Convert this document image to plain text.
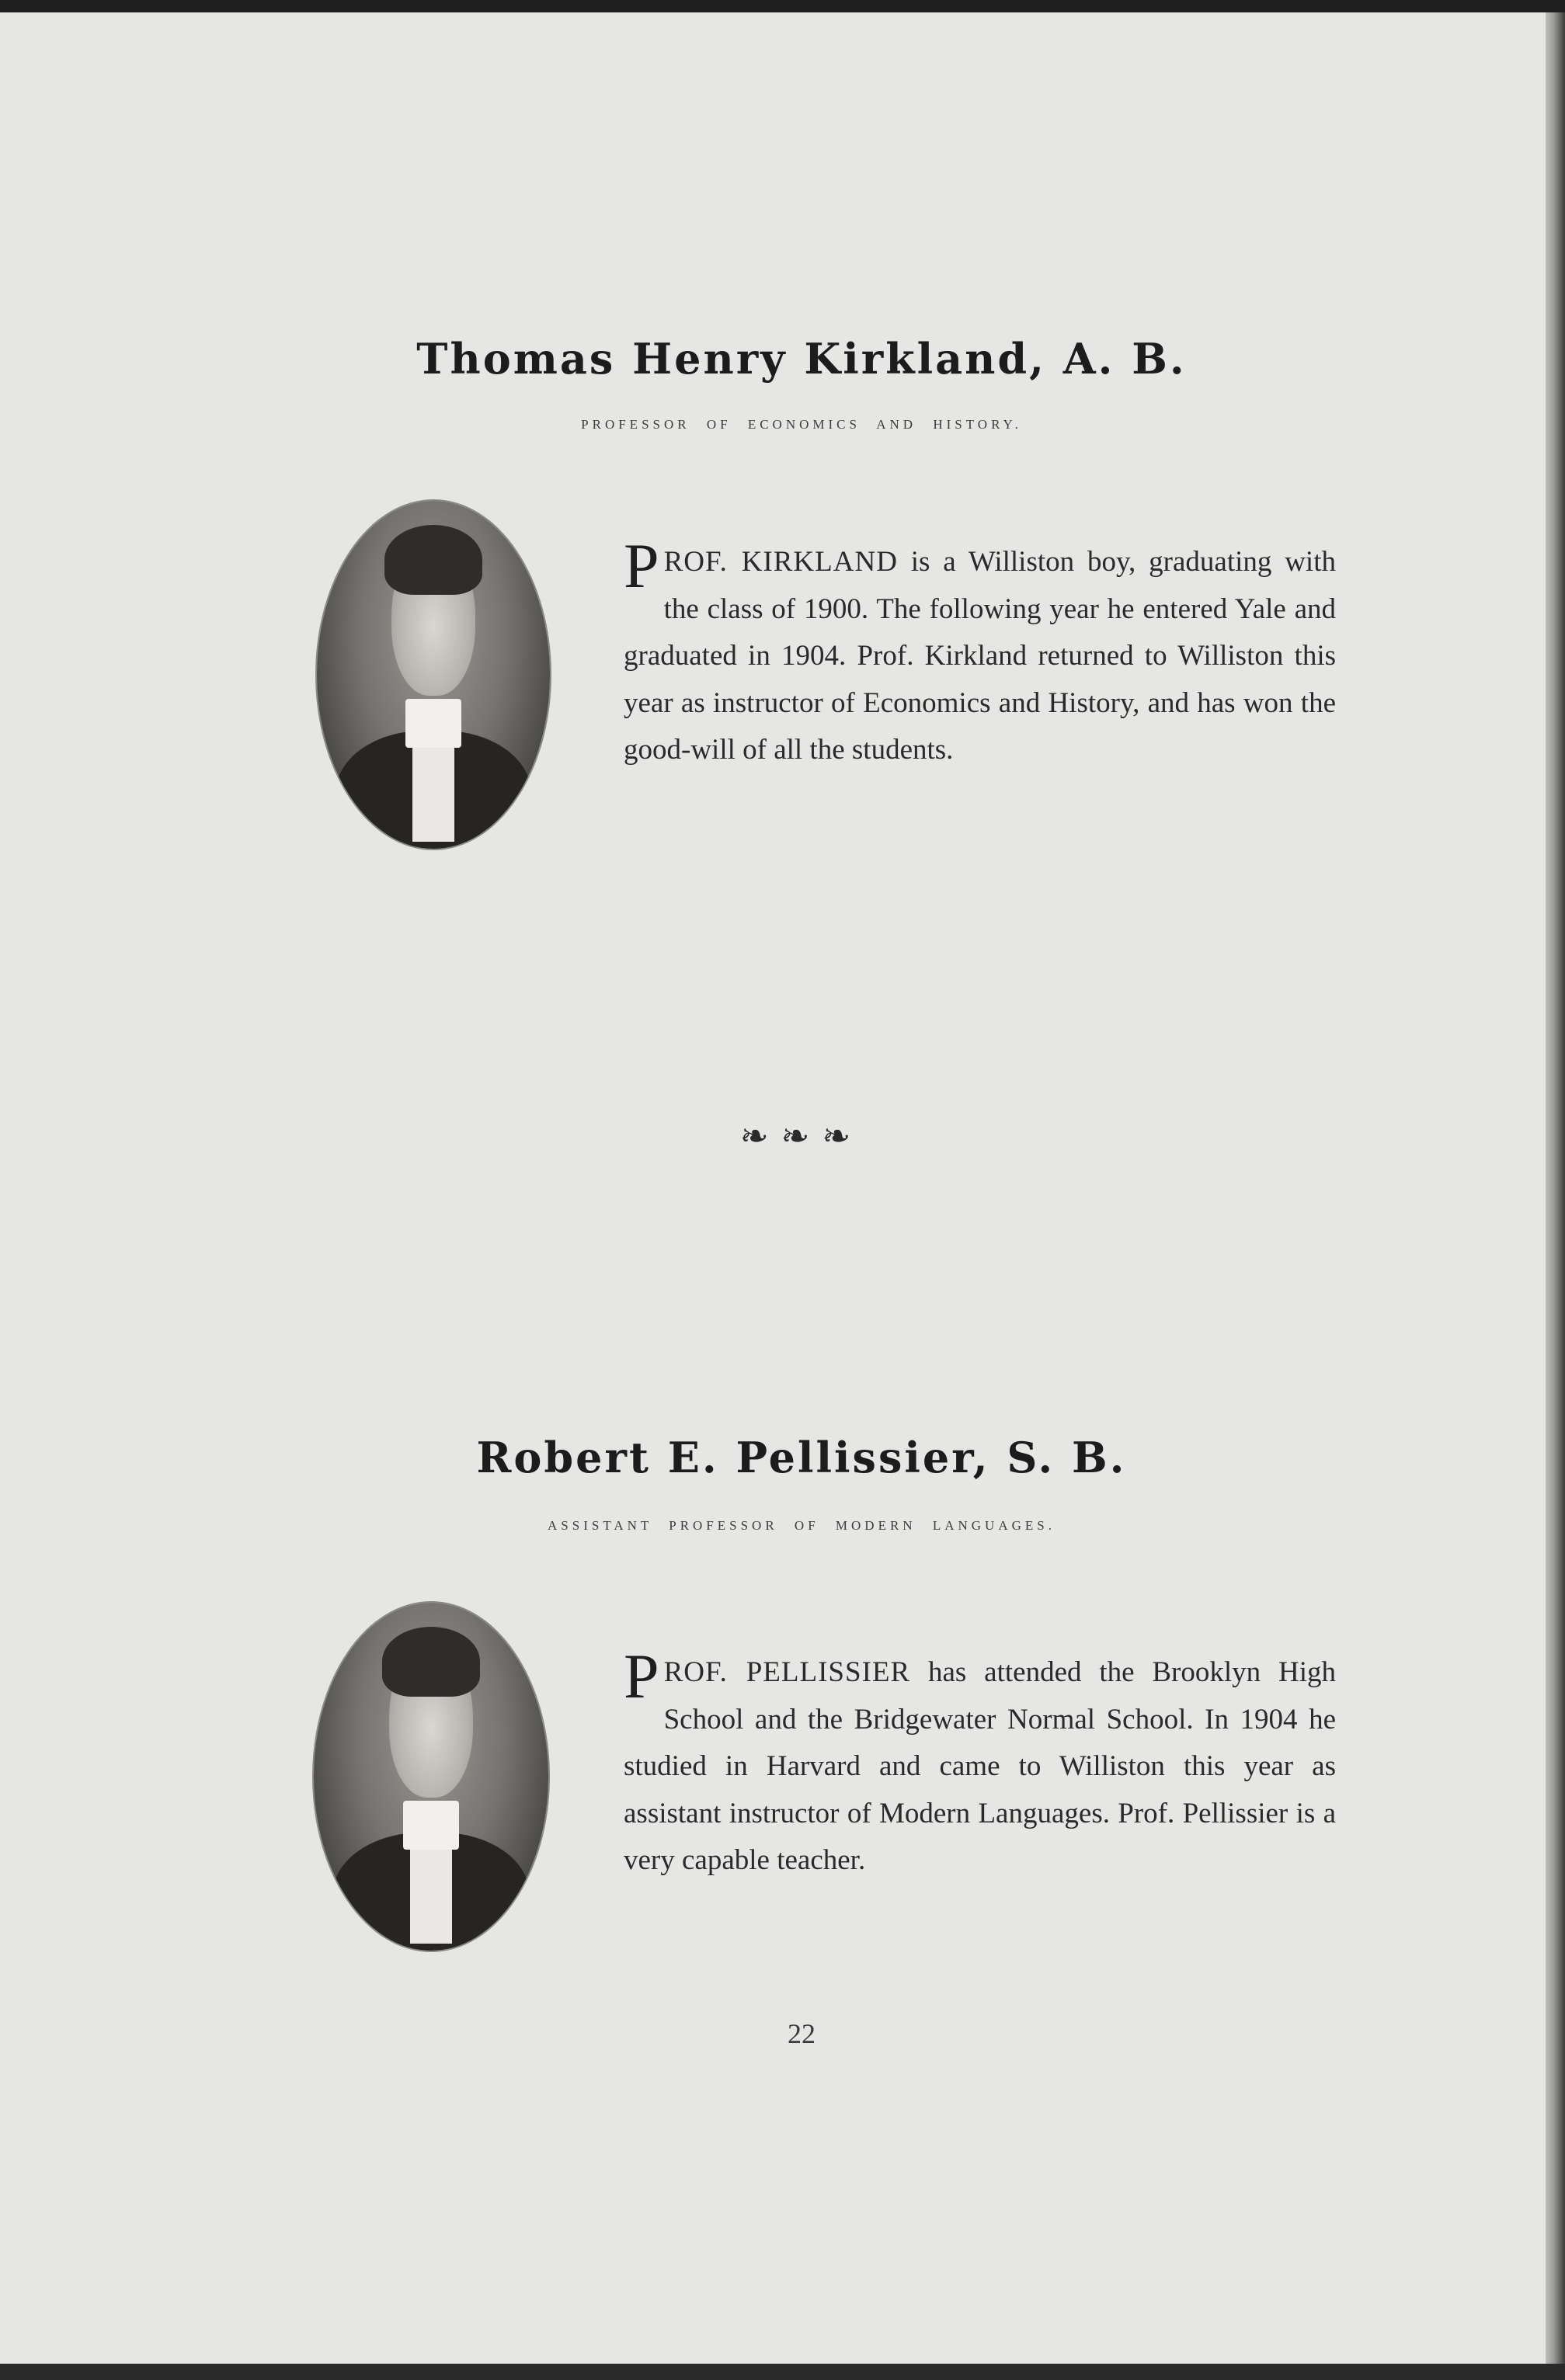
Thomas Henry Kirkland, A. B.
PROFESSOR OF ECONOMICS AND HISTORY.
PROF. KIRKLAND is a Williston boy, graduating with the class of 1900. The following year he entered Yale and graduated in 1904. Prof. Kirkland returned to Williston this year as instructor of Economics and History, and has won the good-will of all the students.
❧❧❧
Robert E. Pellissier, S. B.
ASSISTANT PROFESSOR OF MODERN LANGUAGES.
PROF. PELLISSIER has attended the Brooklyn High School and the Bridgewater Normal School. In 1904 he studied in Harvard and came to Williston this year as assistant instructor of Modern Languages. Prof. Pellissier is a very capable teacher.
22
